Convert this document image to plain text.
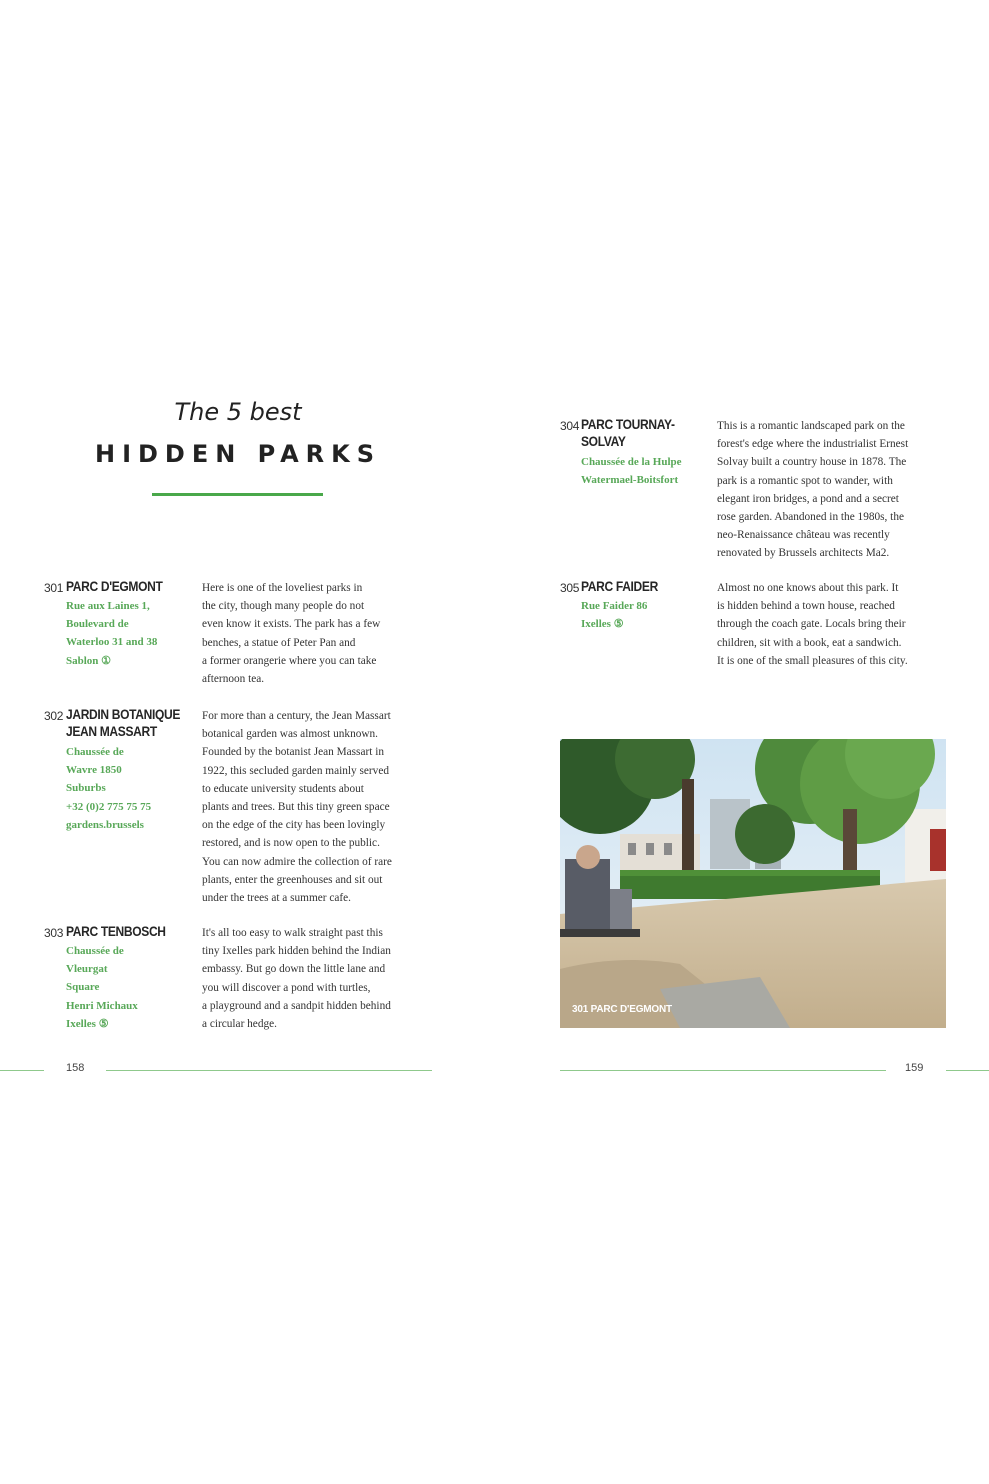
The 5 best
HIDDEN PARKS
301 PARC D'EGMONT
Rue aux Laines 1,
Boulevard de
Waterloo 31 and 38
Sablon ①
Here is one of the loveliest parks in
the city, though many people do not
even know it exists. The park has a few
benches, a statue of Peter Pan and
a former orangerie where you can take
afternoon tea.
302 JARDIN BOTANIQUE
JEAN MASSART
Chaussée de
Wavre 1850
Suburbs
+32 (0)2 775 75 75
gardens.brussels
For more than a century, the Jean Massart
botanical garden was almost unknown.
Founded by the botanist Jean Massart in
1922, this secluded garden mainly served
to educate university students about
plants and trees. But this tiny green space
on the edge of the city has been lovingly
restored, and is now open to the public.
You can now admire the collection of rare
plants, enter the greenhouses and sit out
under the trees at a summer cafe.
303 PARC TENBOSCH
Chaussée de
Vleurgat
Square
Henri Michaux
Ixelles ⑤
It's all too easy to walk straight past this
tiny Ixelles park hidden behind the Indian
embassy. But go down the little lane and
you will discover a pond with turtles,
a playground and a sandpit hidden behind
a circular hedge.
304 PARC TOURNAY-
SOLVAY
Chaussée de la Hulpe
Watermael-Boitsfort
This is a romantic landscaped park on the
forest's edge where the industrialist Ernest
Solvay built a country house in 1878. The
park is a romantic spot to wander, with
elegant iron bridges, a pond and a secret
rose garden. Abandoned in the 1980s, the
neo-Renaissance château was recently
renovated by Brussels architects Ma2.
305 PARC FAIDER
Rue Faider 86
Ixelles ⑤
Almost no one knows about this park. It
is hidden behind a town house, reached
through the coach gate. Locals bring their
children, sit with a book, eat a sandwich.
It is one of the small pleasures of this city.
301 PARC D'EGMONT
158	159
